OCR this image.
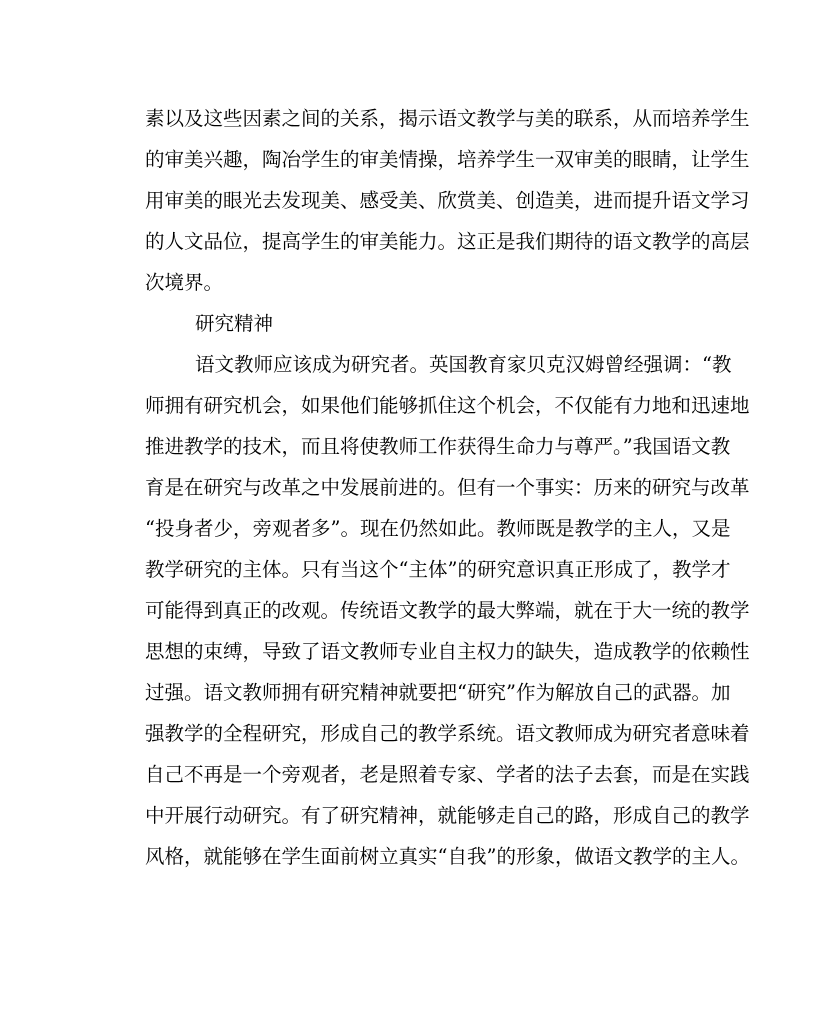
素以及这些因素之间的关系，揭示语文教学与美的联系，从而培养学生
的审美兴趣，陶冶学生的审美情操，培养学生一双审美的眼睛，让学生
用审美的眼光去发现美、感受美、欣赏美、创造美，进而提升语文学习
的人文品位，提高学生的审美能力。这正是我们期待的语文教学的高层
次境界。
研究精神
语文教师应该成为研究者。英国教育家贝克汉姆曾经强调：“教
师拥有研究机会，如果他们能够抓住这个机会，不仅能有力地和迅速地
推进教学的技术，而且将使教师工作获得生命力与尊严。”我国语文教
育是在研究与改革之中发展前进的。但有一个事实：历来的研究与改革
“投身者少，旁观者多”。现在仍然如此。教师既是教学的主人，又是
教学研究的主体。只有当这个“主体”的研究意识真正形成了，教学才
可能得到真正的改观。传统语文教学的最大弊端，就在于大一统的教学
思想的束缚，导致了语文教师专业自主权力的缺失，造成教学的依赖性
过强。语文教师拥有研究精神就要把“研究”作为解放自己的武器。加
强教学的全程研究，形成自己的教学系统。语文教师成为研究者意味着
自己不再是一个旁观者，老是照着专家、学者的法子去套，而是在实践
中开展行动研究。有了研究精神，就能够走自己的路，形成自己的教学
风格，就能够在学生面前树立真实“自我”的形象，做语文教学的主人。
